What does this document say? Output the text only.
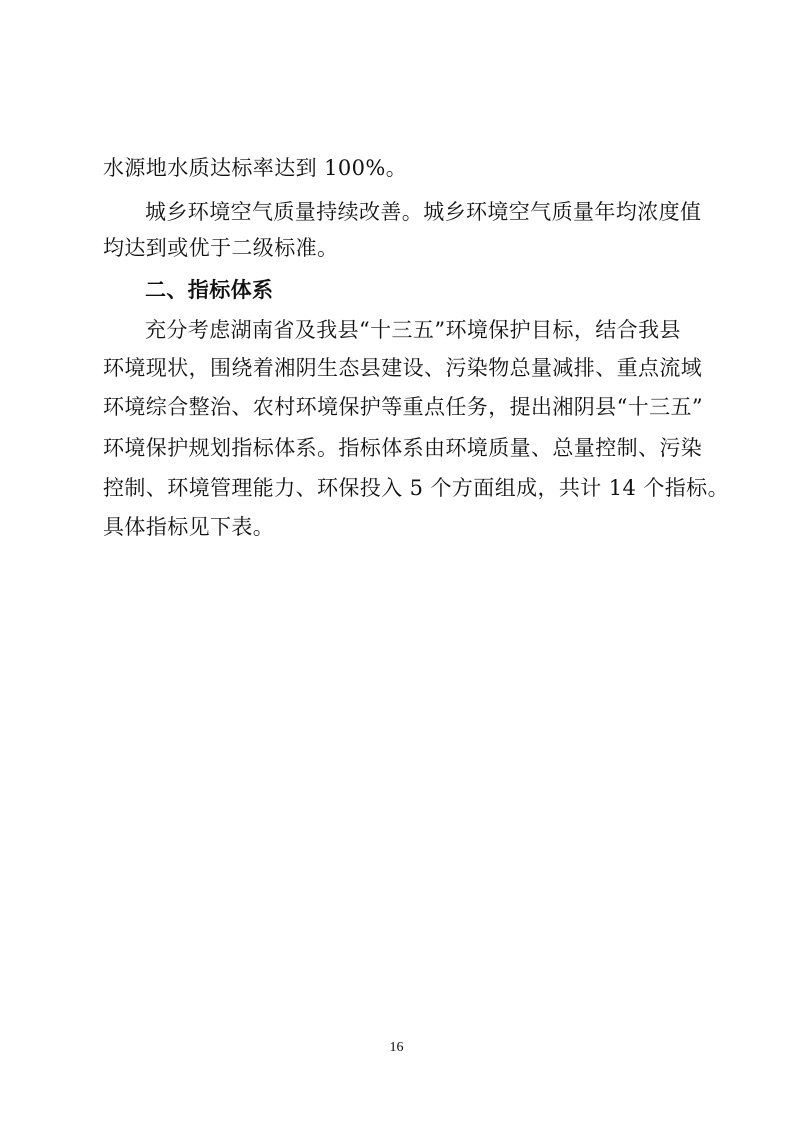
水源地水质达标率达到 100%。
城乡环境空气质量持续改善。城乡环境空气质量年均浓度值
均达到或优于二级标准。
二、指标体系
充分考虑湖南省及我县“十三五”环境保护目标，结合我县
环境现状，围绕着湘阴生态县建设、污染物总量减排、重点流域
环境综合整治、农村环境保护等重点任务，提出湘阴县“十三五”
环境保护规划指标体系。指标体系由环境质量、总量控制、污染
控制、环境管理能力、环保投入 5 个方面组成，共计 14 个指标。
具体指标见下表。
16
